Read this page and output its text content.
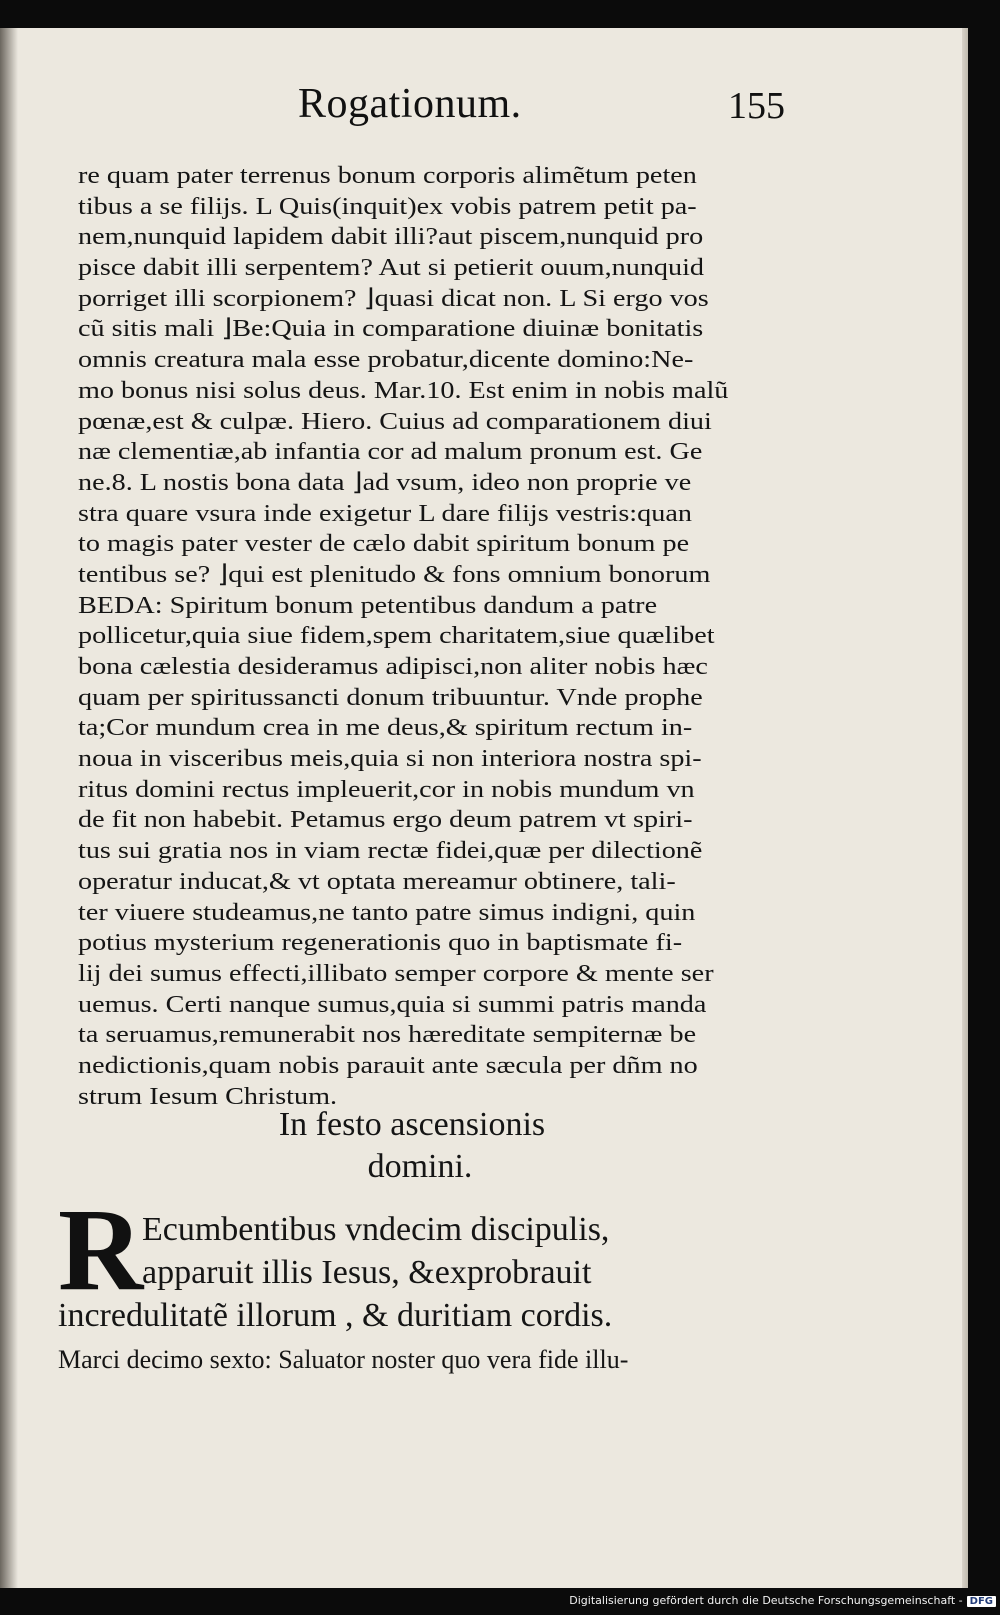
Rogationum.	155
re quam pater terrenus bonum corporis alimẽtum peten
tibus a se filijs. L Quis(inquit)ex vobis patrem petit pa-
nem,nunquid lapidem dabit illi?aut piscem,nunquid pro
pisce dabit illi serpentem? Aut si petierit ouum,nunquid
porriget illi scorpionem? ⌋quasi dicat non. L Si ergo vos
cũ sitis mali ⌋Be:Quia in comparatione diuinæ bonitatis
omnis creatura mala esse probatur,dicente domino:Ne-
mo bonus nisi solus deus. Mar.10. Est enim in nobis malũ
pœnæ,est & culpæ. Hiero. Cuius ad comparationem diui
næ clementiæ,ab infantia cor ad malum pronum est. Ge
ne.8. L nostis bona data ⌋ad vsum, ideo non proprie ve
stra quare vsura inde exigetur L dare filijs vestris:quan
to magis pater vester de cælo dabit spiritum bonum pe
tentibus se? ⌋qui est plenitudo & fons omnium bonorum
BEDA: Spiritum bonum petentibus dandum a patre
pollicetur,quia siue fidem,spem charitatem,siue quælibet
bona cælestia desideramus adipisci,non aliter nobis hæc
quam per spiritussancti donum tribuuntur. Vnde prophe
ta;Cor mundum crea in me deus,& spiritum rectum in-
noua in visceribus meis,quia si non interiora nostra spi-
ritus domini rectus impleuerit,cor in nobis mundum vn
de fit non habebit. Petamus ergo deum patrem vt spiri-
tus sui gratia nos in viam rectæ fidei,quæ per dilectionẽ
operatur inducat,& vt optata mereamur obtinere, tali-
ter viuere studeamus,ne tanto patre simus indigni, quin
potius mysterium regenerationis quo in baptismate fi-
lij dei sumus effecti,illibato semper corpore & mente ser
uemus. Certi nanque sumus,quia si summi patris manda
ta seruamus,remunerabit nos hæreditate sempiternæ be
nedictionis,quam nobis parauit ante sæcula per dñm no
strum Iesum Christum.
In festo ascensionis
domini.
R
Ecumbentibus vndecim discipulis,
apparuit illis Iesus, &exprobrauit
incredulitatẽ illorum , & duritiam cordis.
Marci decimo sexto: Saluator noster quo vera fide illu-
Digitalisierung gefördert durch die Deutsche Forschungsgemeinschaft - DFG
